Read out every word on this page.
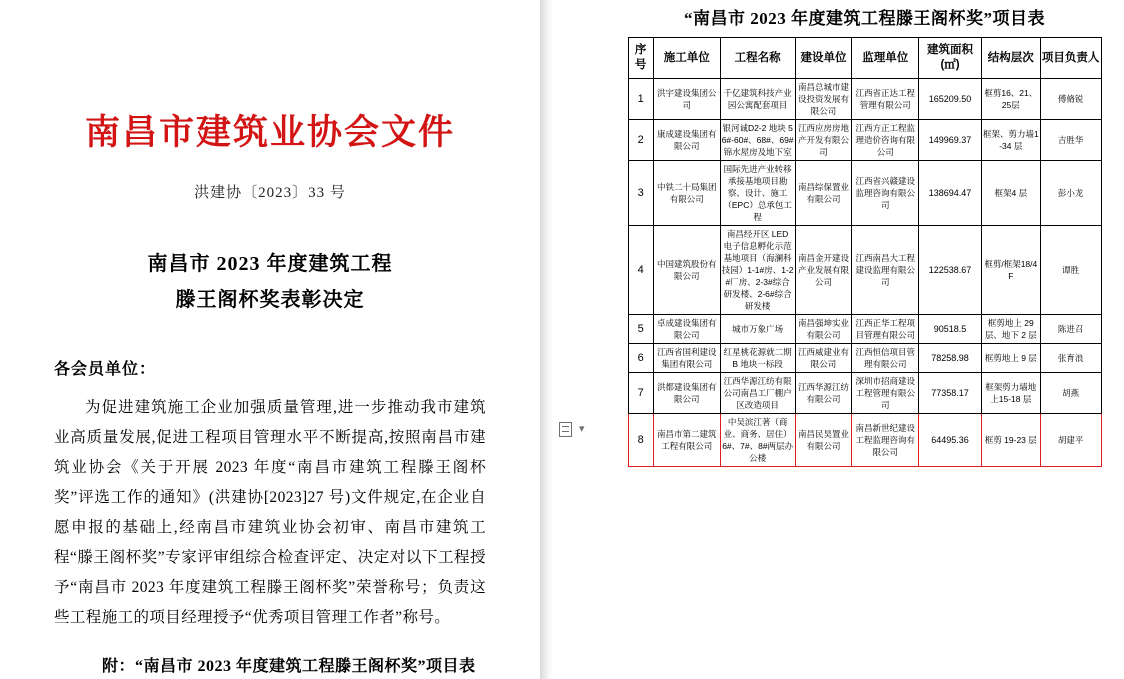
南昌市建筑业协会文件
洪建协〔2023〕33 号
南昌市 2023 年度建筑工程
滕王阁杯奖表彰决定
各会员单位：
为促进建筑施工企业加强质量管理,进一步推动我市建筑业高质量发展,促进工程项目管理水平不断提高,按照南昌市建筑业协会《关于开展 2023 年度“南昌市建筑工程滕王阁杯奖”评选工作的通知》(洪建协[2023]27 号)文件规定,在企业自愿申报的基础上,经南昌市建筑业协会初审、南昌市建筑工程“滕王阁杯奖”专家评审组综合检查评定、决定对以下工程授予“南昌市 2023 年度建筑工程滕王阁杯奖”荣誉称号；负责这些工程施工的项目经理授予“优秀项目管理工作者”称号。
附：“南昌市 2023 年度建筑工程滕王阁杯奖”项目表
▾
“南昌市 2023 年度建筑工程滕王阁杯奖”项目表
序号	施工单位	工程名称	建设单位	监理单位	建筑面积(㎡)	结构层次	项目负责人
1	洪宇建设集团公司	千亿建筑科技产业园公寓配套项目	南昌总城市建设投资发展有限公司	江西省正达工程管理有限公司	165209.50	框剪16、21、25层	傅脩锐
2	康成建设集团有限公司	银河诚D2-2 地块 56#-60#、68#、69#锦水屋房及地下室	江西应房房地产开发有限公司	江西方正工程监理造价咨询有限公司	149969.37	框架、剪力墙1-34 层	吉胜华
3	中铁二十局集团有限公司	国际先进产业转移承接基地项目勘察、设计、施工（EPC）总承包工程	南昌综保置业有限公司	江西省兴赣建设监理咨询有限公司	138694.47	框架4 层	彭小龙
4	中国建筑股份有限公司	南昌经开区 LED 电子信息孵化示范基地项目（海澜科技园）1-1#房、1-2#厂房、2-3#综合研发楼、2-6#综合研发楼	南昌金开建设产业发展有限公司	江西南昌大工程建设监理有限公司	122538.67	框剪/框架18/4F	谭胜
5	卓成建设集团有限公司	城市万象广场	南昌强坤实业有限公司	江西正华工程项目管理有限公司	90518.5	框剪地上 29 层、地下 2 层	陈进召
6	江西省国利建设集团有限公司	红星桃花源就二期 B 地块一标段	江西威建业有限公司	江西恒信项目管理有限公司	78258.98	框剪地上 9 层	张育浪
7	洪都建设集团有限公司	江西华源江纺有限公司南昌工厂棚户区改造项目	江西华源江纺有限公司	深圳市招商建设工程管理有限公司	77358.17	框架剪力墙地上15-18 层	胡燕
8	南昌市第二建筑工程有限公司	中吴滨江著（商业、商务、居住）6#、7#、8#两层办公楼	南昌民昊置业有限公司	南昌新世纪建设工程监理咨询有限公司	64495.36	框剪 19-23 层	胡建平
